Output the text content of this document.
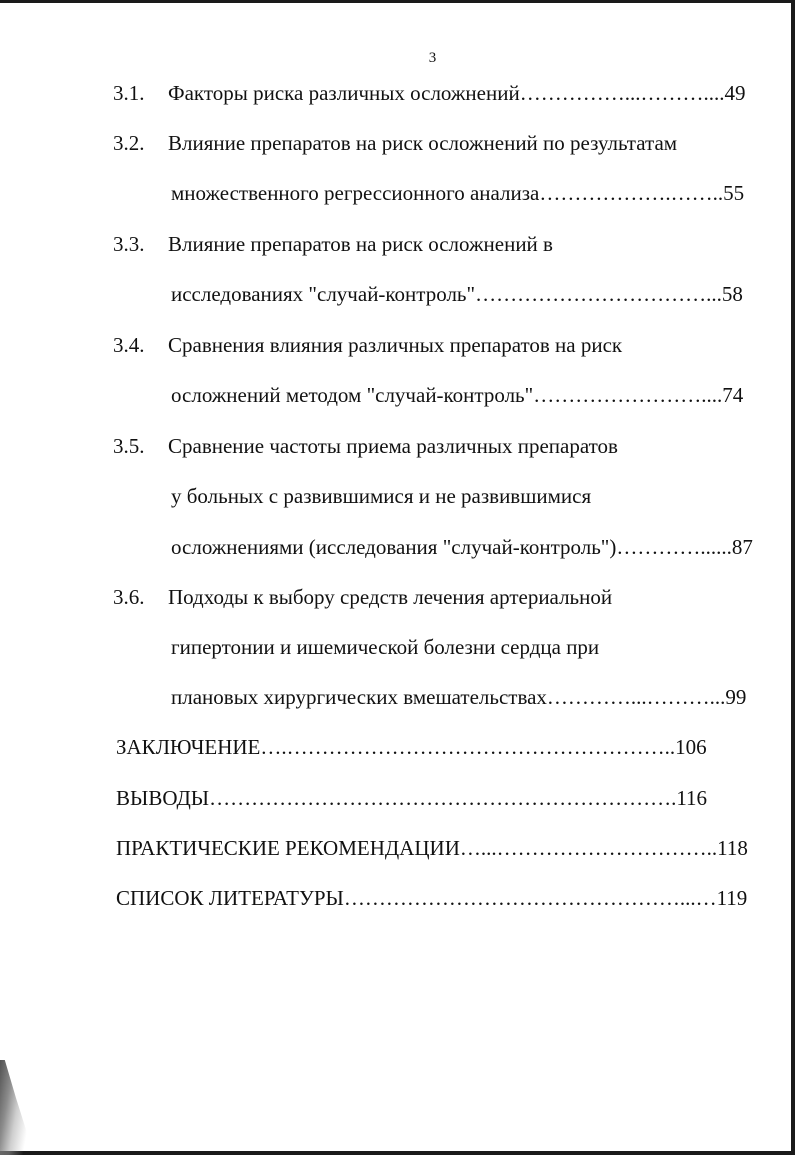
3
3.1. Факторы риска различных осложнений……………...………....49
3.2. Влияние препаратов на риск осложнений по результатам
множественного регрессионного анализа……………….……..55
3.3. Влияние препаратов на риск осложнений в
исследованиях "случай-контроль"……………………………...58
3.4. Сравнения влияния различных препаратов на риск
осложнений методом "случай-контроль"……………………....74
3.5. Сравнение частоты приема различных препаратов
у больных с развившимися и не развившимися
осложнениями (исследования "случай-контроль")…………......87
3.6. Подходы к выбору средств лечения артериальной
гипертонии и ишемической болезни сердца при
плановых хирургических вмешательствах…………...………...99
ЗАКЛЮЧЕНИЕ….………………………………………………..106
ВЫВОДЫ………………………………………………………….116
ПРАКТИЧЕСКИЕ РЕКОМЕНДАЦИИ…...…………………………..118
СПИСОК ЛИТЕРАТУРЫ…………………………………………...…119
